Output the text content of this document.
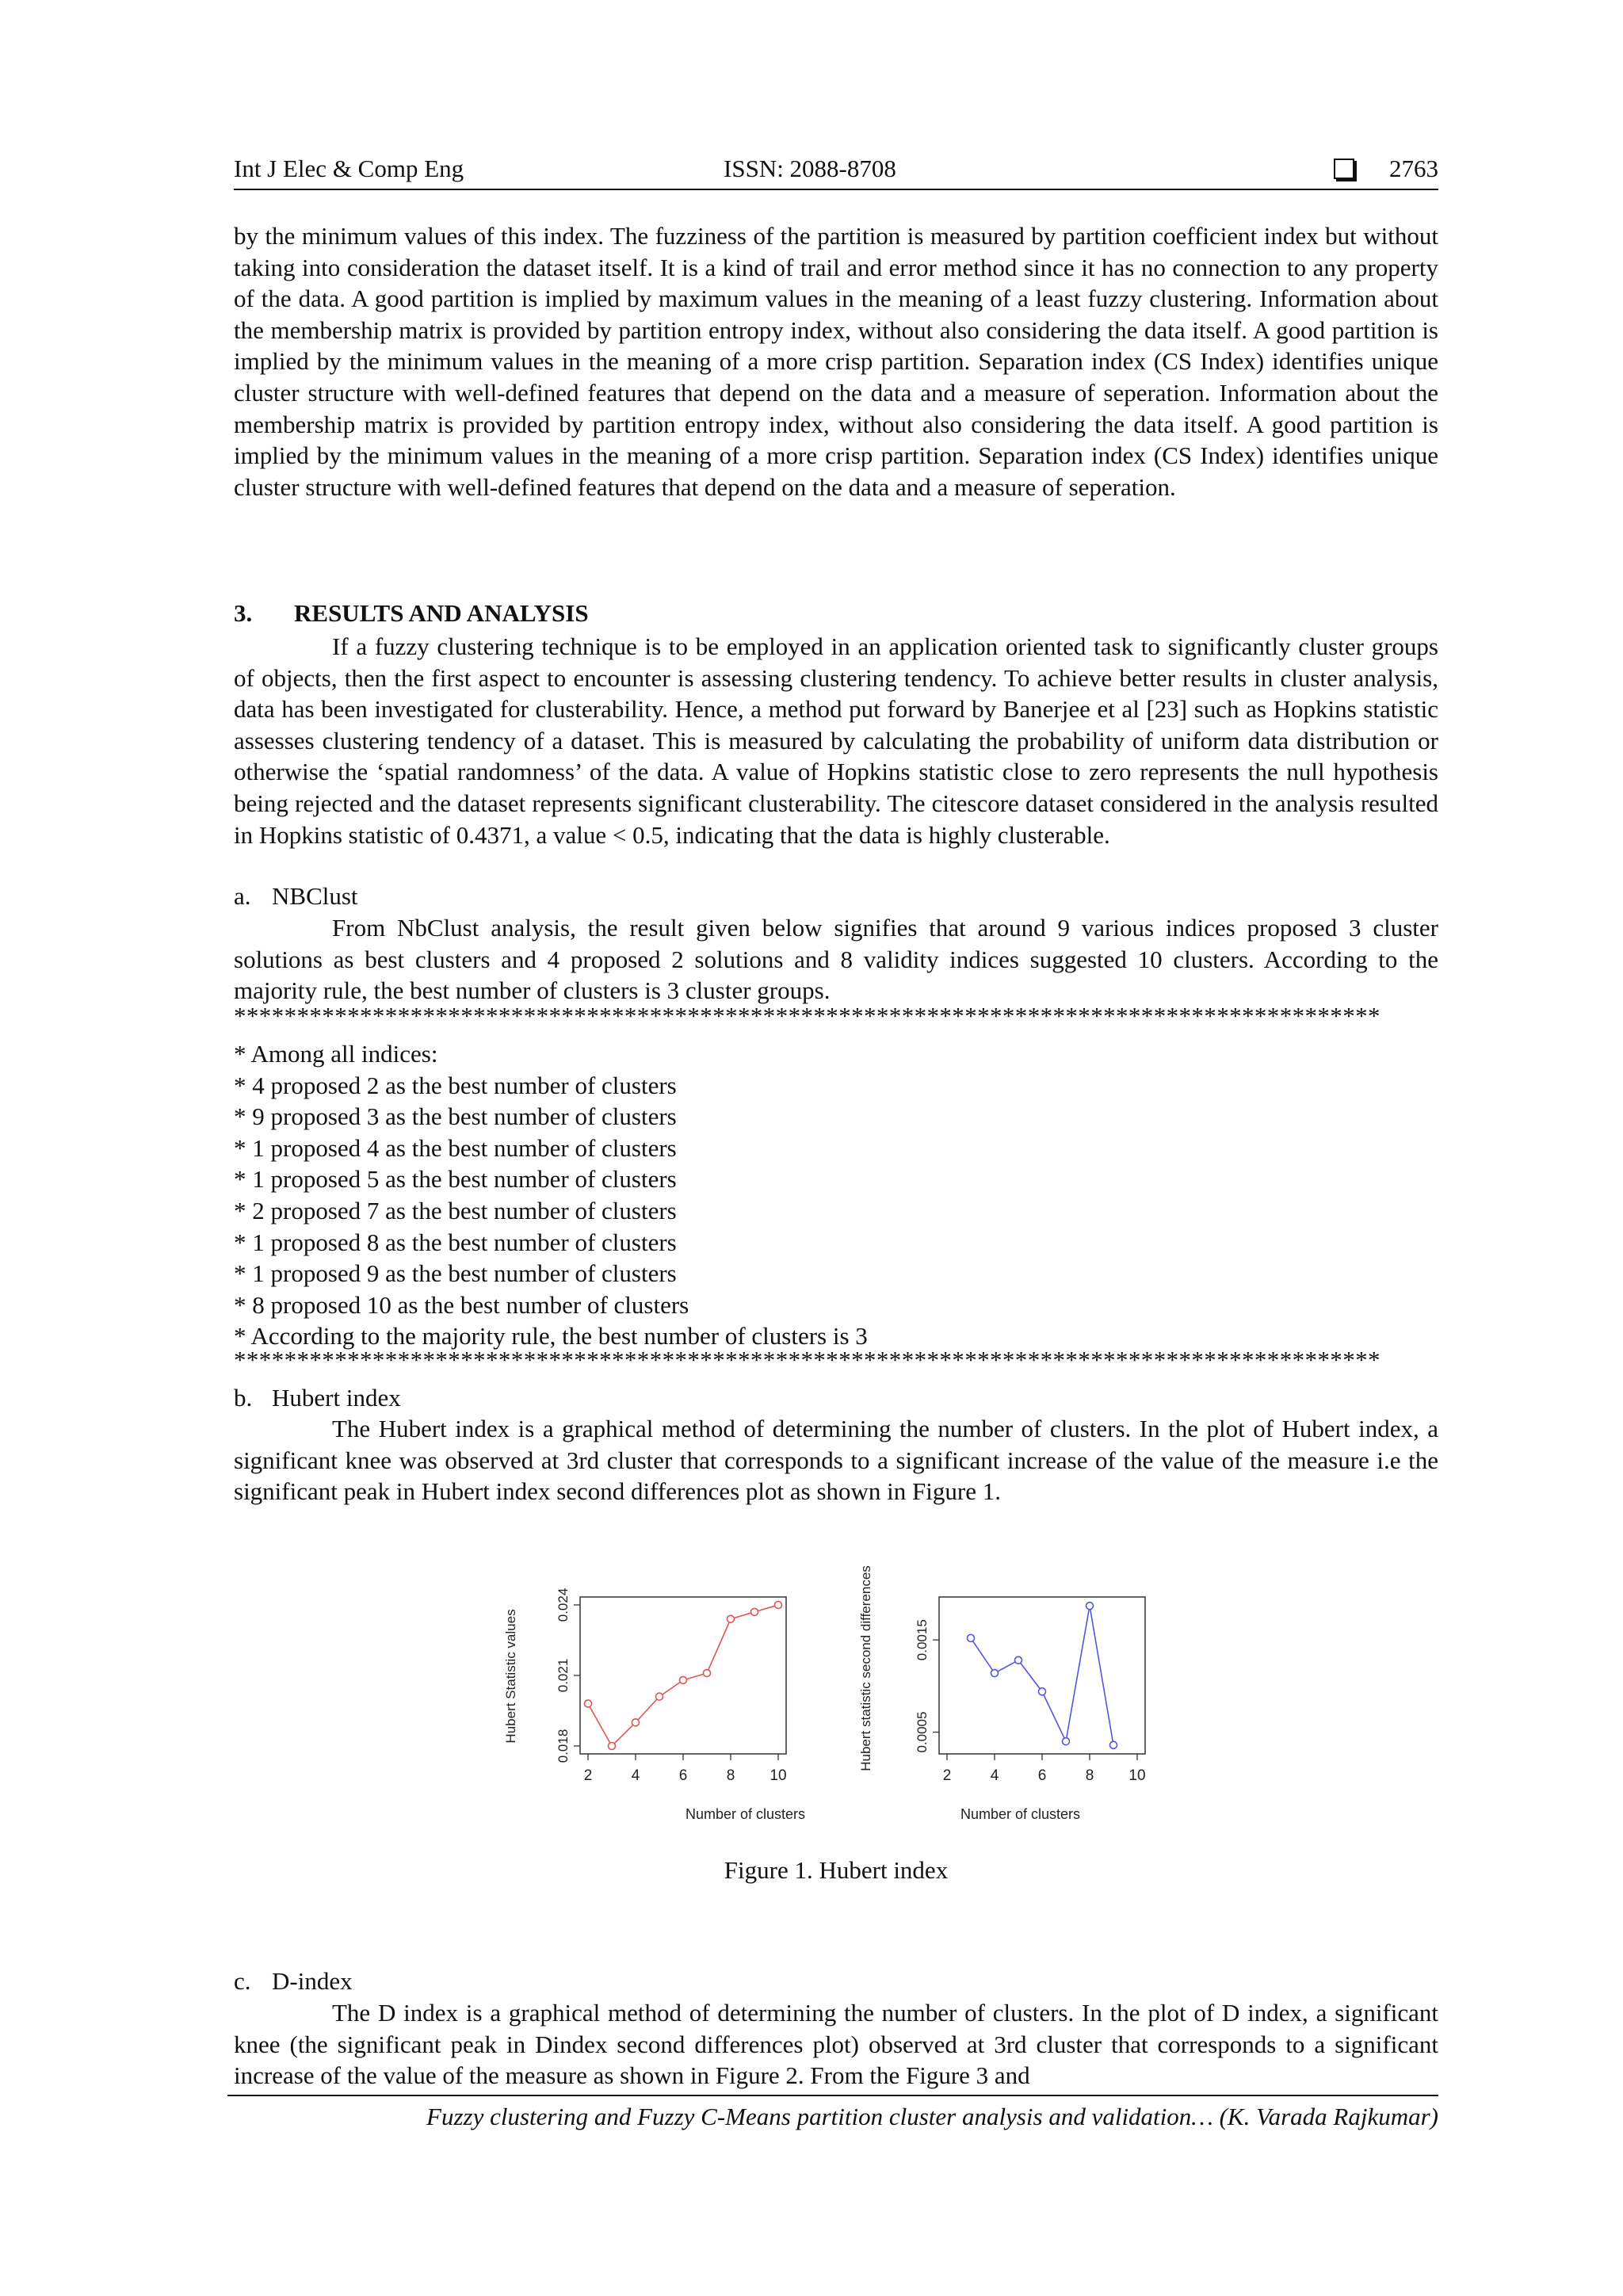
Int J Elec & Comp Eng	ISSN: 2088-8708	2763
by the minimum values of this index. The fuzziness of the partition is measured by partition coefficient index but without taking into consideration the dataset itself. It is a kind of trail and error method since it has no connection to any property of the data. A good partition is implied by maximum values in the meaning of a least fuzzy clustering. Information about the membership matrix is provided by partition entropy index, without also considering the data itself. A good partition is implied by the minimum values in the meaning of a more crisp partition. Separation index (CS Index) identifies unique cluster structure with well-defined features that depend on the data and a measure of seperation. Information about the membership matrix is provided by partition entropy index, without also considering the data itself. A good partition is implied by the minimum values in the meaning of a more crisp partition. Separation index (CS Index) identifies unique cluster structure with well-defined features that depend on the data and a measure of seperation.
3. RESULTS AND ANALYSIS
If a fuzzy clustering technique is to be employed in an application oriented task to significantly cluster groups of objects, then the first aspect to encounter is assessing clustering tendency. To achieve better results in cluster analysis, data has been investigated for clusterability. Hence, a method put forward by Banerjee et al [23] such as Hopkins statistic assesses clustering tendency of a dataset. This is measured by calculating the probability of uniform data distribution or otherwise the ‘spatial randomness’ of the data. A value of Hopkins statistic close to zero represents the null hypothesis being rejected and the dataset represents significant clusterability. The citescore dataset considered in the analysis resulted in Hopkins statistic of 0.4371, a value < 0.5, indicating that the data is highly clusterable.
a. NBClust
From NbClust analysis, the result given below signifies that around 9 various indices proposed 3 cluster solutions as best clusters and 4 proposed 2 solutions and 8 validity indices suggested 10 clusters. According to the majority rule, the best number of clusters is 3 cluster groups.
*******************************************************************************************
* Among all indices:
* 4 proposed 2 as the best number of clusters
* 9 proposed 3 as the best number of clusters
* 1 proposed 4 as the best number of clusters
* 1 proposed 5 as the best number of clusters
* 2 proposed 7 as the best number of clusters
* 1 proposed 8 as the best number of clusters
* 1 proposed 9 as the best number of clusters
* 8 proposed 10 as the best number of clusters
* According to the majority rule, the best number of clusters is 3
*******************************************************************************************
b. Hubert index
The Hubert index is a graphical method of determining the number of clusters. In the plot of Hubert index, a significant knee was observed at 3rd cluster that corresponds to a significant increase of the value of the measure i.e the significant peak in Hubert index second differences plot as shown in Figure 1.
Number of clusters
Hubert Statistic values
2	4	6	8 10
0.018
0.021
0.024
Number of clusters
Hubert statistic second differences
2	4	6	8 10
0.0005
0.0015
Figure 1. Hubert index
c. D-index
The D index is a graphical method of determining the number of clusters. In the plot of D index, a significant knee (the significant peak in Dindex second differences plot) observed at 3rd cluster that corresponds to a significant increase of the value of the measure as shown in Figure 2. From the Figure 3 and
Fuzzy clustering and Fuzzy C-Means partition cluster analysis and validation… (K. Varada Rajkumar)
